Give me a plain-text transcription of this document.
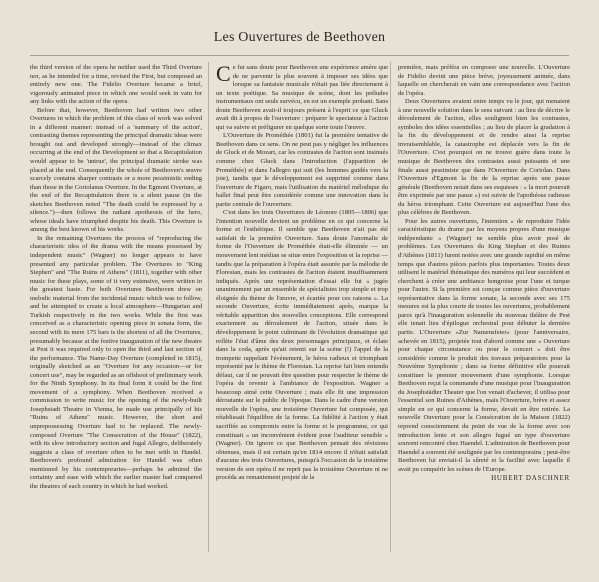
Les Ouvertures de Beethoven

the third version of the opera he neither used the Third Overture nor, as he intended for a time, revised the First, but composed an entirely new one. The Fidelio Overture became a brief, vigorously animated piece in which one would seek in vain for any links with the action of the opera.

Before that, however, Beethoven had written two other Overtures in which the problem of this class of work was solved in a different manner: instead of a 'summary of the action', contrasting themes representing the principal dramatic ideas were brought out and developed strongly—instead of the climax occurring at the end of the Development so that a Recapitulation would appear to be 'untrue', the principal dramatic stroke was placed at the end. Consequently the whole of Beethoven's œuvre scarcely contains sharper contrasts or a more pessimistic ending than those in the Coriolanus Overture. In the Egmont Overture, at the end of the Recapitulation there is a silent pause (in the sketches Beethoven noted "The death could be expressed by a silence.")—then follows the radiant apotheosis of the hero, whose ideals have triumphed despite his death. This Overture is among the best known of his works.

In the remaining Overtures the process of "reproducing the characteristic idea of the drama with the means possessed by independent music" (Wagner) no longer appears to have presented any particular problem. The Overtures to "King Stephen" and "The Ruins of Athens" (1811), together with other music for these plays, some of it very extensive, were written in the greatest haste. For both Overtures Beethoven drew on melodic material from the incidental music which was to follow, and he attempted to create a local atmosphere—Hungarian and Turkish respectively in the two works. While the first was conceived as a characteristic opening piece in sonata form, the second with its mere 175 bars is the shortest of all the Overtures, presumably because at the festive inauguration of the new theatre at Pest it was required only to open the third and last section of the performance. The Name-Day Overture (completed in 1815), originally sketched as an "Overture for any occasion—or for concert use", may be regarded as an offshoot of preliminary work for the Ninth Symphony. In its final form it could be the first movement of a symphony. When Beethoven received a commission to write music for the opening of the newly-built Josephstadt Theatre in Vienna, he made use principally of his "Ruins of Athens" music. However, the short and unprepossessing Overture had to be replaced. The newly-composed Overture "The Consecration of the House" (1822), with its slow introductory section and fugal Allegro, deliberately suggests a class of overture often to be met with in Handel. Beethoven's profound admiration for Handel was often mentioned by his contemporaries—perhaps he admired the certainty and ease with which the earlier master had conquered the theatres of each country in which he had worked.

Ce fut sans doute pour Beethoven une expérience amère que de ne parvenir le plus souvent à imposer ses idées que lorsque sa fantaisie musicale n'était pas liée directement à un texte poétique. Sa musique de scène, dont les préludes instrumentaux ont seuls survécu, en est un exemple probant. Sans doute Beethoven avait-il toujours présent à l'esprit ce que Gluck avait dit à propos de l'ouverture : préparer le spectateur à l'action qui va suivre et préfigurer en quelque sorte toute l'œuvre.

L'Ouverture de Prométhée (1801) fut la première tentative de Beethoven dans ce sens. On ne peut pas y négliger les influences de Gluck et de Mozart, car les contrastes de l'action sont insinués comme chez Gluck dans l'introduction (l'apparition de Prométhée) et dans l'allegro qui suit (les hommes guidés vers la joie), tandis que le développement est supprimé comme dans l'ouverture de Figaro, mais l'utilisation du matériel mélodique du ballet final peut être considérée comme une innovation dans la partie centrale de l'ouverture.

C'est dans les trois Ouvertures de Léonore (1805—1806) que l'intention nouvelle devient un problème en ce qui concerne la forme et l'esthétique. Il semble que Beethoven n'ait pas été satisfait de la première Ouverture. Sans doute l'anomalie de forme de l'Ouverture de Prométhée était-elle éliminée — un mouvement lent médian se situe entre l'exposition et la reprise — tandis que la préparation à l'opéra était assurée par la mélodie de Florestan, mais les contrastes de l'action étaient insuffisamment indiqués. Après une représentation d'essai elle fut « jugée unanimement par un ensemble de spécialistes trop simple et trop éloignée du thème de l'œuvre, et écartée pour ces raisons ». La seconde Ouverture, écrite immédiatement après, marque la véritable apparition des nouvelles conceptions. Elle correspond exactement au déroulement de l'action, située dans le développement le point culminant de l'évolution dramatique qui reflète l'état d'âme des deux personnages principaux, et éclate dans la coda, après qu'ait retenti sur la scène (!) l'appel de la trompette rappelant l'événement, le héros radieux et triomphant représenté par le thème de Florestan. La reprise fait bien entendu défaut, car il ne pouvait être question pour respecter le thème de l'opéra de revenir à l'ambiance de l'exposition. Wagner a beaucoup aimé cette Ouverture ; mais elle fit une impression déroutante sur le public de l'époque. Dans le cadre d'une version nouvelle de l'opéra, une troisième Ouverture fut composée, qui rétablissait l'équilibre de la forme. La fidélité à l'action y était sacrifiée au compromis entre la forme et le programme, ce qui constituait « un inconvénient évident pour l'auditeur sensible » (Wagner). On ignore ce que Beethoven pensait des révisions obtenues, mais il est certain qu'en 1814 encore il n'était satisfait d'aucune des trois Ouvertures, puisqu'à l'occasion de la troisième version de son opéra il ne reprit pas la troisième Ouverture ni ne procéda au remaniement projeté de la

première, mais préféra en composer une nouvelle. L'Ouverture de Fidelio devint une pièce brève, joyeusement animée, dans laquelle on chercherait en vain une correspondance avec l'action de l'opéra.

Deux Ouvertures avaient entre temps vu le jour, qui menaient à une nouvelle solution dans le sens suivant : au lieu de décrire le déroulement de l'action, elles soulignent bien les contrastes, symboles des idées essentielles ; au lieu de placer la gradation à la fin du développement et de rendre ainsi la reprise invraisemblable, la catastrophe est déplacée vers la fin de l'Ouverture. C'est pourquoi on ne trouve guère dans toute la musique de Beethoven des contrastes aussi puissants et une finale aussi pessimiste que dans l'Ouverture de Coriolan. Dans l'Ouverture d'Egmont la fin de la reprise après une pause générale (Beethoven notait dans ses esquisses : « la mort pourrait être exprimée par une pause ») est suivie de l'apothéose radieuse du héros triomphant. Cette Ouverture est aujourd'hui l'une des plus célèbres de Beethoven.

Pour les autres ouvertures, l'intention « de reproduire l'idée caractéristique du drame par les moyens propres d'une musique indépendante » (Wagner) ne semble plus avoir posé de problèmes. Les Ouvertures du King Stephan et des Ruines d'Athènes (1811) furent notées avec une grande rapidité en même temps que d'autres pièces parfois plus importantes. Toutes deux utilisent le matériel thématique des numéros qui leur succèdent et cherchent à créer une ambiance hongroise pour l'une et turque pour l'autre. Si la première est conçue comme pièce d'ouverture représentative dans la forme sonate, la seconde avec ses 175 mesures est la plus courte de toutes les ouvertures, probablement parce qu'à l'inauguration solennelle du nouveau théâtre de Pest elle tenait lieu d'épilogue orchestral pour débuter la dernière partie. L'Ouverture «Zur Namensfeier» (pour l'anniversaire, achevée en 1815), projetée tout d'abord comme une « Ouverture pour chaque circonstance ou pour le concert » doit être considérée comme le produit des travaux préparatoires pour la Neuvième Symphonie ; dans sa forme définitive elle pourrait constituer le premier mouvement d'une symphonie. Lorsque Beethoven reçut la commande d'une musique pour l'inauguration du Josephstädter Theater que l'on venait d'achever, il utilisa pour l'essentiel son Ruines d'Athènes, mais l'Ouverture, brève et assez simple en ce qui concerne la forme, devait en être retirée. La nouvelle Ouverture pour la Consécration de la Maison (1822) reprend consciemment du point de vue de la forme avec son introduction lente et son allegro fugué un type d'ouverture souvent rencontré chez Haendel. L'admiration de Beethoven pour Haendel a souvent été soulignée par les contemporains ; peut-être Beethoven lui enviait-il la sûreté et la facilité avec laquelle il avait pu conquérir les scènes de l'Europe.

HUBERT DASCHNER
